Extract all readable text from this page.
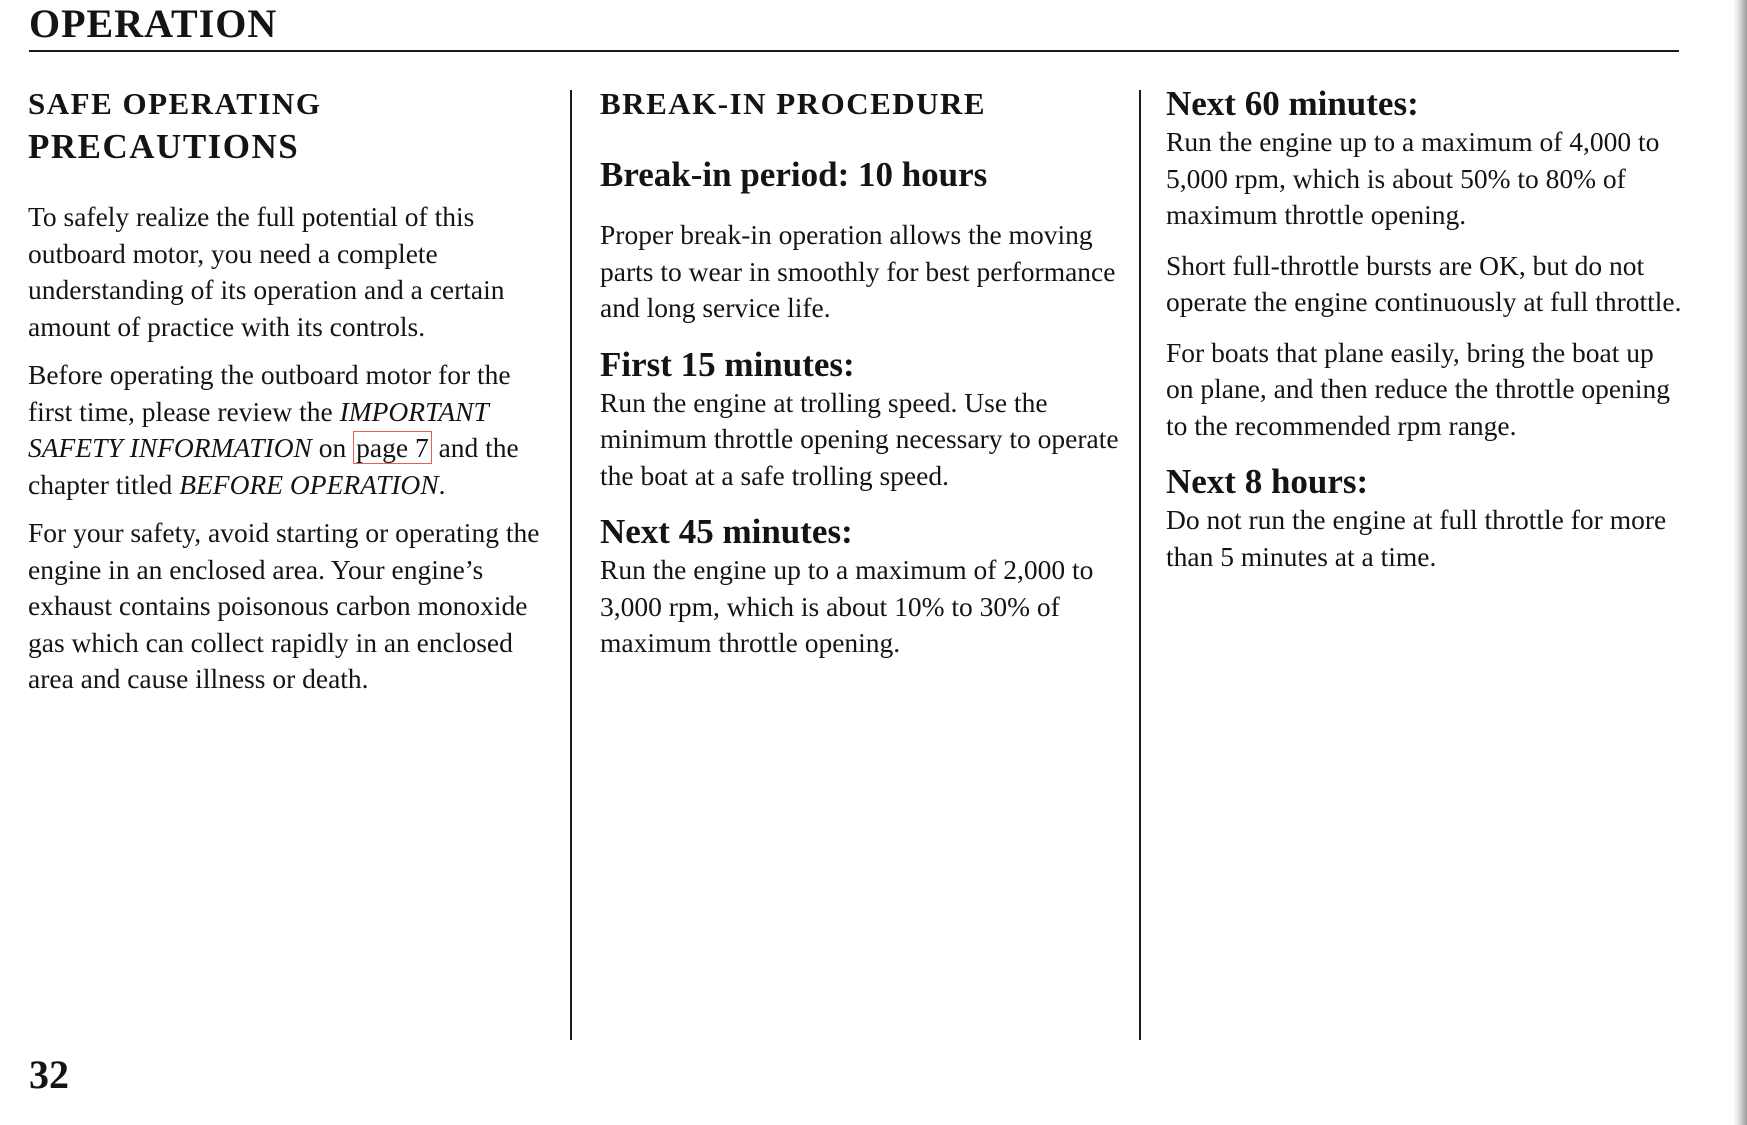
OPERATION
SAFE OPERATING
PRECAUTIONS

To safely realize the full potential of this outboard motor, you need a complete understanding of its operation and a certain amount of practice with its controls.

Before operating the outboard motor for the first time, please review the IMPORTANT SAFETY INFORMATION on page 7 and the chapter titled BEFORE OPERATION.

For your safety, avoid starting or operating the engine in an enclosed area. Your engine’s exhaust contains poisonous carbon monoxide gas which can collect rapidly in an enclosed area and cause illness or death.

BREAK-IN PROCEDURE
Break-in period: 10 hours

Proper break-in operation allows the moving parts to wear in smoothly for best performance and long service life.

First 15 minutes:

Run the engine at trolling speed. Use the minimum throttle opening necessary to operate the boat at a safe trolling speed.

Next 45 minutes:

Run the engine up to a maximum of 2,000 to 3,000 rpm, which is about 10% to 30% of maximum throttle opening.

Next 60 minutes:

Run the engine up to a maximum of 4,000 to 5,000 rpm, which is about 50% to 80% of maximum throttle opening.

Short full-throttle bursts are OK, but do not operate the engine continuously at full throttle.

For boats that plane easily, bring the boat up on plane, and then reduce the throttle opening to the recommended rpm range.

Next 8 hours:

Do not run the engine at full throttle for more than 5 minutes at a time.

32
